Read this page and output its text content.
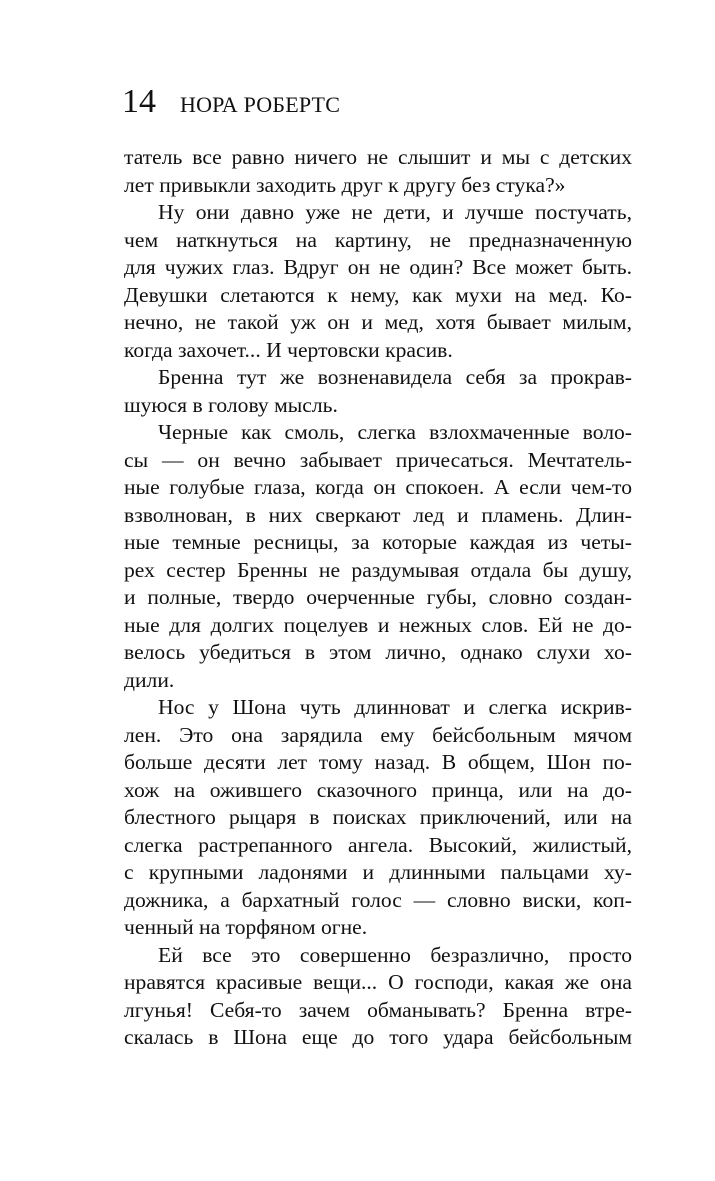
14 НОРА РОБЕРТС
татель все равно ничего не слышит и мы с детских
лет привыкли заходить друг к другу без стука?»
Ну они давно уже не дети, и лучше постучать,
чем наткнуться на картину, не предназначенную
для чужих глаз. Вдруг он не один? Все может быть.
Девушки слетаются к нему, как мухи на мед. Ко-
нечно, не такой уж он и мед, хотя бывает милым,
когда захочет... И чертовски красив.
Бренна тут же возненавидела себя за прокрав-
шуюся в голову мысль.
Черные как смоль, слегка взлохмаченные воло-
сы — он вечно забывает причесаться. Мечтатель-
ные голубые глаза, когда он спокоен. А если чем-то
взволнован, в них сверкают лед и пламень. Длин-
ные темные ресницы, за которые каждая из четы-
рех сестер Бренны не раздумывая отдала бы душу,
и полные, твердо очерченные губы, словно создан-
ные для долгих поцелуев и нежных слов. Ей не до-
велось убедиться в этом лично, однако слухи хо-
дили.
Нос у Шона чуть длинноват и слегка искрив-
лен. Это она зарядила ему бейсбольным мячом
больше десяти лет тому назад. В общем, Шон по-
хож на ожившего сказочного принца, или на до-
блестного рыцаря в поисках приключений, или на
слегка растрепанного ангела. Высокий, жилистый,
с крупными ладонями и длинными пальцами ху-
дожника, а бархатный голос — словно виски, коп-
ченный на торфяном огне.
Ей все это совершенно безразлично, просто
нравятся красивые вещи... О господи, какая же она
лгунья! Себя-то зачем обманывать? Бренна втре-
скалась в Шона еще до того удара бейсбольным
